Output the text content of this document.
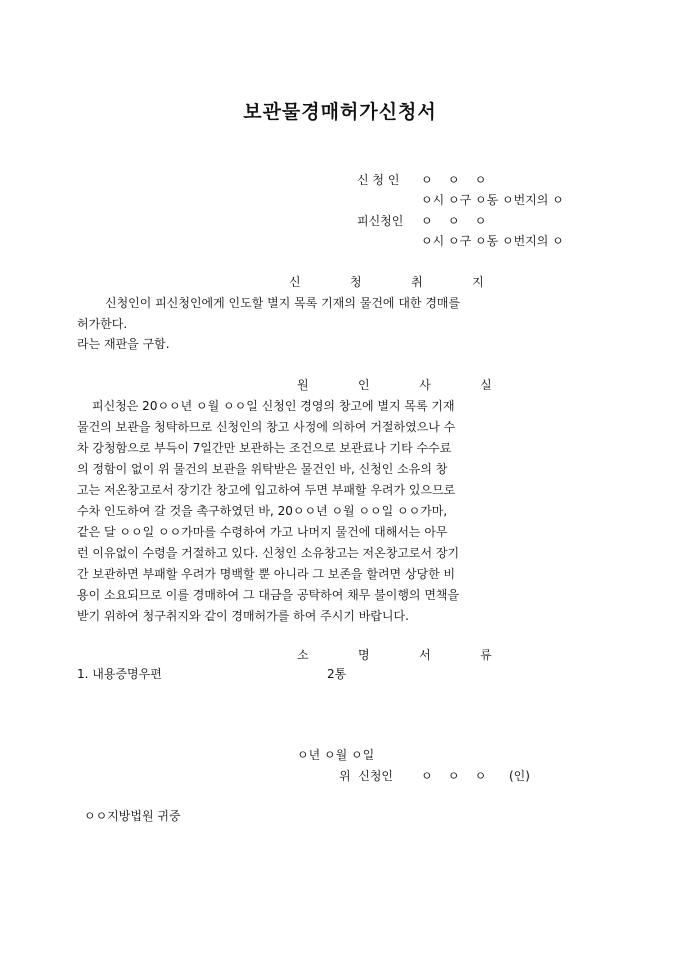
보관물경매허가신청서
신 청 인 ㅇ    ㅇ    ㅇ
ㅇ시 ㅇ구 ㅇ동 ㅇ번지의 ㅇ
피신청인 ㅇ    ㅇ    ㅇ
ㅇ시 ㅇ구 ㅇ동 ㅇ번지의 ㅇ
신   청   취   지
신청인이 피신청인에게 인도할 별지 목록 기재의 물건에 대한 경매를
허가한다.
라는 재판을 구함.
원   인   사   실
피신청은 20ㅇㅇ년 ㅇ월 ㅇㅇ일 신청인 경영의 창고에 별지 목록 기재
물건의 보관을 청탁하므로 신청인의 창고 사정에 의하여 거절하였으나 수
차 강청함으로 부득이 7일간만 보관하는 조건으로 보관료나 기타 수수료
의 정함이 없이 위 물건의 보관을 위탁받은 물건인 바, 신청인 소유의 창
고는 저온창고로서 장기간 창고에 입고하여 두면 부패할 우려가 있으므로
수차 인도하여 갈 것을 촉구하였던 바, 20ㅇㅇ년 ㅇ월 ㅇㅇ일 ㅇㅇ가마,
같은 달 ㅇㅇ일 ㅇㅇ가마를 수령하여 가고 나머지 물건에 대해서는 아무
런 이유없이 수령을 거절하고 있다. 신청인 소유창고는 저온창고로서 장기
간 보관하면 부패할 우려가 명백할 뿐 아니라 그 보존을 할려면 상당한 비
용이 소요되므로 이를 경매하여 그 대금을 공탁하여 채무 불이행의 면책을
받기 위하여 청구취지와 같이 경매허가를 하여 주시기 바랍니다.
소   명   서   류
1. 내용증명우편	2통
ㅇ년 ㅇ월 ㅇ일
위  신청인 ㅇ    ㅇ    ㅇ (인)
ㅇㅇ지방법원 귀중
